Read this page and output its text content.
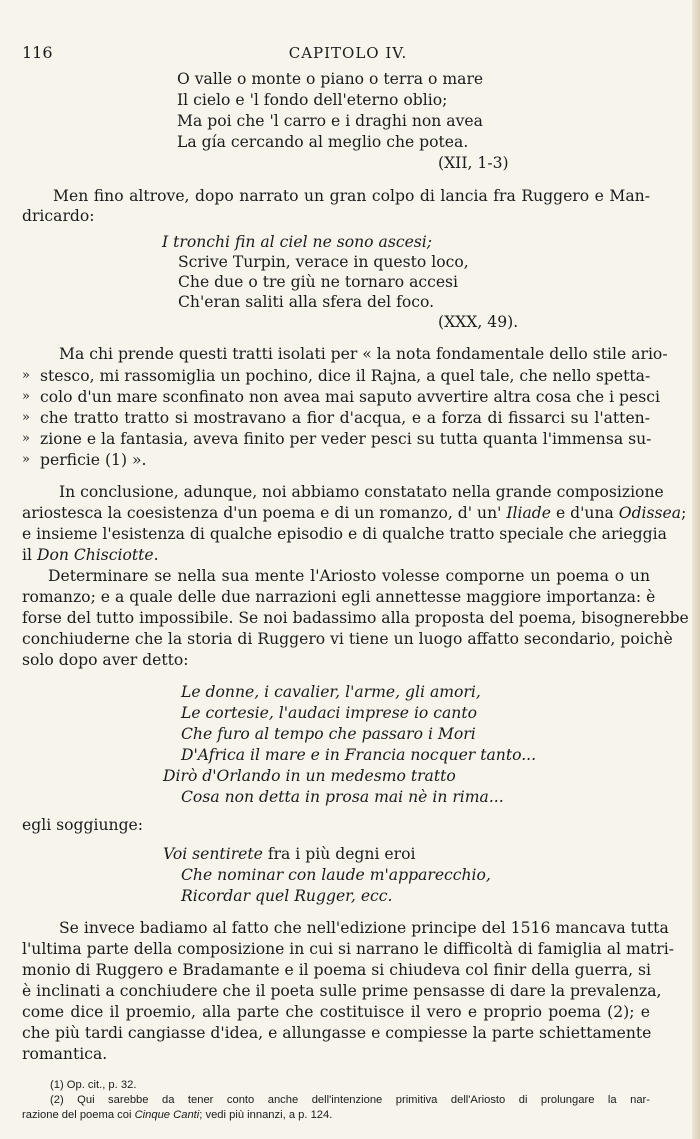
116	CAPITOLO IV.
O valle o monte o piano o terra o mare
Il cielo e 'l fondo dell'eterno oblio;
Ma poi che 'l carro e i draghi non avea
La gía cercando al meglio che potea.
(XII, 1-3)
Men fino altrove, dopo narrato un gran colpo di lancia fra Ruggero e Man-
dricardo:
I tronchi fin al ciel ne sono ascesi;
Scrive Turpin, verace in questo loco,
Che due o tre giù ne tornaro accesi
Ch'eran saliti alla sfera del foco.
(XXX, 49).
Ma chi prende questi tratti isolati per « la nota fondamentale dello stile ario-
» stesco, mi rassomiglia un pochino, dice il Rajna, a quel tale, che nello spetta-
» colo d'un mare sconfinato non avea mai saputo avvertire altra cosa che i pesci
» che tratto tratto si mostravano a fior d'acqua, e a forza di fissarci su l'atten-
» zione e la fantasia, aveva finito per veder pesci su tutta quanta l'immensa su-
» perficie (1) ».
In conclusione, adunque, noi abbiamo constatato nella grande composizione
ariostesca la coesistenza d'un poema e di un romanzo, d' un' Iliade e d'una Odissea;
e insieme l'esistenza di qualche episodio e di qualche tratto speciale che arieggia
il Don Chisciotte.
Determinare se nella sua mente l'Ariosto volesse comporne un poema o un
romanzo; e a quale delle due narrazioni egli annettesse maggiore importanza: è
forse del tutto impossibile. Se noi badassimo alla proposta del poema, bisognerebbe
conchiuderne che la storia di Ruggero vi tiene un luogo affatto secondario, poichè
solo dopo aver detto:
Le donne, i cavalier, l'arme, gli amori,
Le cortesie, l'audaci imprese io canto
Che furo al tempo che passaro i Mori
D'Africa il mare e in Francia nocquer tanto...
Dirò d'Orlando in un medesmo tratto
Cosa non detta in prosa mai nè in rima...
egli soggiunge:
Voi sentirete fra i più degni eroi
Che nominar con laude m'apparecchio,
Ricordar quel Rugger, ecc.
Se invece badiamo al fatto che nell'edizione principe del 1516 mancava tutta
l'ultima parte della composizione in cui si narrano le difficoltà di famiglia al matri-
monio di Ruggero e Bradamante e il poema si chiudeva col finir della guerra, si
è inclinati a conchiudere che il poeta sulle prime pensasse di dare la prevalenza,
come dice il proemio, alla parte che costituisce il vero e proprio poema (2); e
che più tardi cangiasse d'idea, e allungasse e compiesse la parte schiettamente
romantica.
(1) Op. cit., p. 32.
(2) Qui sarebbe da tener conto anche dell'intenzione primitiva dell'Ariosto di prolungare la nar-
razione del poema coi Cinque Canti; vedi più innanzi, a p. 124.
